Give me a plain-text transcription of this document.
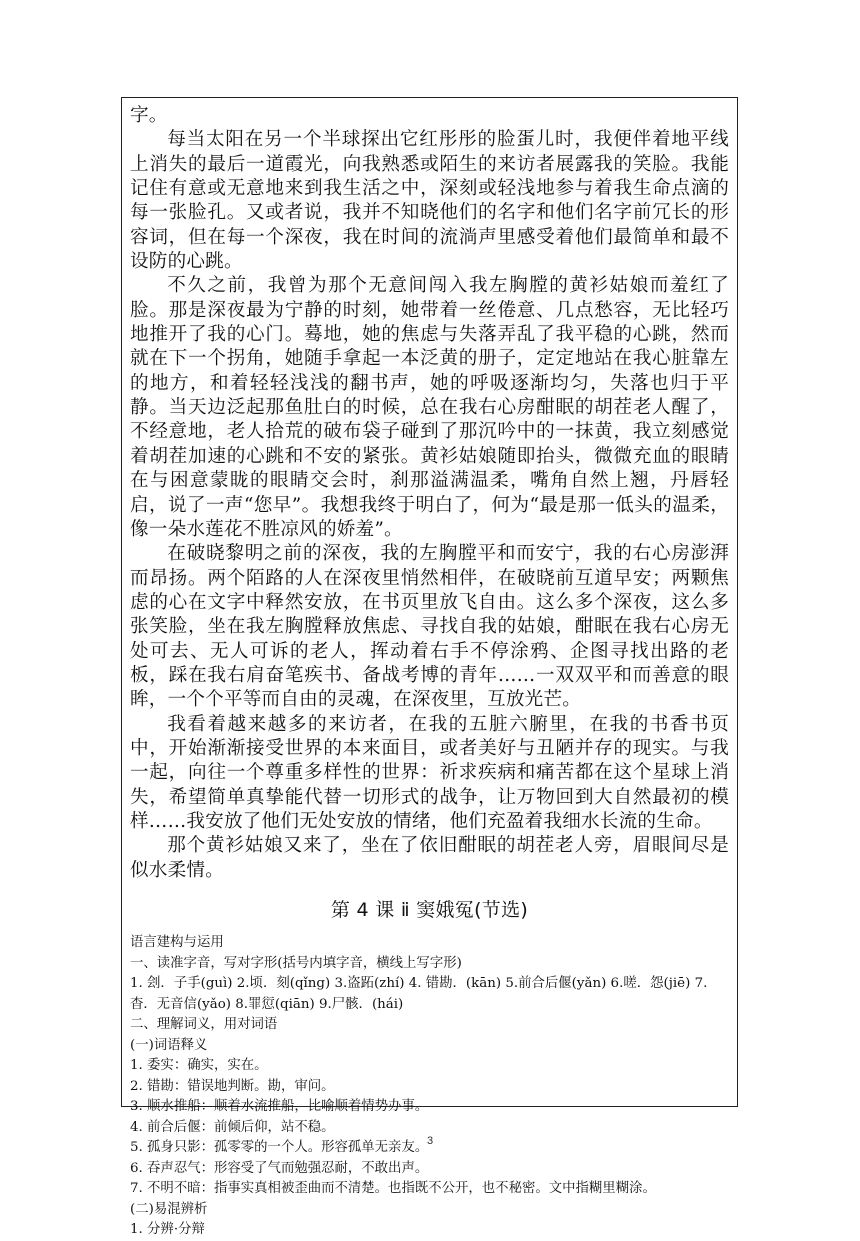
字。

每当太阳在另一个半球探出它红彤彤的脸蛋儿时，我便伴着地平线上消失的最后一道霞光，向我熟悉或陌生的来访者展露我的笑脸。我能记住有意或无意地来到我生活之中，深刻或轻浅地参与着我生命点滴的每一张脸孔。又或者说，我并不知晓他们的名字和他们名字前冗长的形容词，但在每一个深夜，我在时间的流淌声里感受着他们最简单和最不设防的心跳。

不久之前，我曾为那个无意间闯入我左胸膛的黄衫姑娘而羞红了脸。那是深夜最为宁静的时刻，她带着一丝倦意、几点愁容，无比轻巧地推开了我的心门。蓦地，她的焦虑与失落弄乱了我平稳的心跳，然而就在下一个拐角，她随手拿起一本泛黄的册子，定定地站在我心脏靠左的地方，和着轻轻浅浅的翻书声，她的呼吸逐渐均匀，失落也归于平静。当天边泛起那鱼肚白的时候，总在我右心房酣眠的胡茬老人醒了，不经意地，老人拾荒的破布袋子碰到了那沉吟中的一抹黄，我立刻感觉着胡茬加速的心跳和不安的紧张。黄衫姑娘随即抬头，微微充血的眼睛在与困意蒙眬的眼睛交会时，刹那溢满温柔，嘴角自然上翘，丹唇轻启，说了一声“您早”。我想我终于明白了，何为“最是那一低头的温柔，像一朵水莲花不胜凉风的娇羞”。

在破晓黎明之前的深夜，我的左胸膛平和而安宁，我的右心房澎湃而昂扬。两个陌路的人在深夜里悄然相伴，在破晓前互道早安；两颗焦虑的心在文字中释然安放，在书页里放飞自由。这么多个深夜，这么多张笑脸，坐在我左胸膛释放焦虑、寻找自我的姑娘，酣眠在我右心房无处可去、无人可诉的老人，挥动着右手不停涂鸦、企图寻找出路的老板，踩在我右肩奋笔疾书、备战考博的青年……一双双平和而善意的眼眸，一个个平等而自由的灵魂，在深夜里，互放光芒。

我看着越来越多的来访者，在我的五脏六腑里，在我的书香书页中，开始渐渐接受世界的本来面目，或者美好与丑陋并存的现实。与我一起，向往一个尊重多样性的世界：祈求疾病和痛苦都在这个星球上消失，希望简单真挚能代替一切形式的战争，让万物回到大自然最初的模样……我安放了他们无处安放的情绪，他们充盈着我细水长流的生命。

那个黄衫姑娘又来了，坐在了依旧酣眠的胡茬老人旁，眉眼间尽是似水柔情。

第 4 课 ⅱ 窦娥冤(节选)
语言建构与运用
一、读准字音，写对字形(括号内填字音，横线上写字形)
1. 刽．子手(guì) 2.顷．刻(qǐng) 3.盗跖(zhí) 4. 错勘．(kān) 5.前合后偃(yǎn) 6.嗟．怨(jiē) 7. 杳．无音信(yǎo) 8.罪愆(qiān) 9.尸骸．(hái)
二、理解词义，用对词语
(一)词语释义
1. 委实：确实，实在。
2. 错勘：错误地判断。勘，审问。
3. 顺水推船：顺着水流推船，比喻顺着情势办事。
4. 前合后偃：前倾后仰，站不稳。
5. 孤身只影：孤零零的一个人。形容孤单无亲友。
6. 吞声忍气：形容受了气而勉强忍耐，不敢出声。
7. 不明不暗：指事实真相被歪曲而不清楚。也指既不公开，也不秘密。文中指糊里糊涂。
(二)易混辨析
1. 分辨·分辩
3
